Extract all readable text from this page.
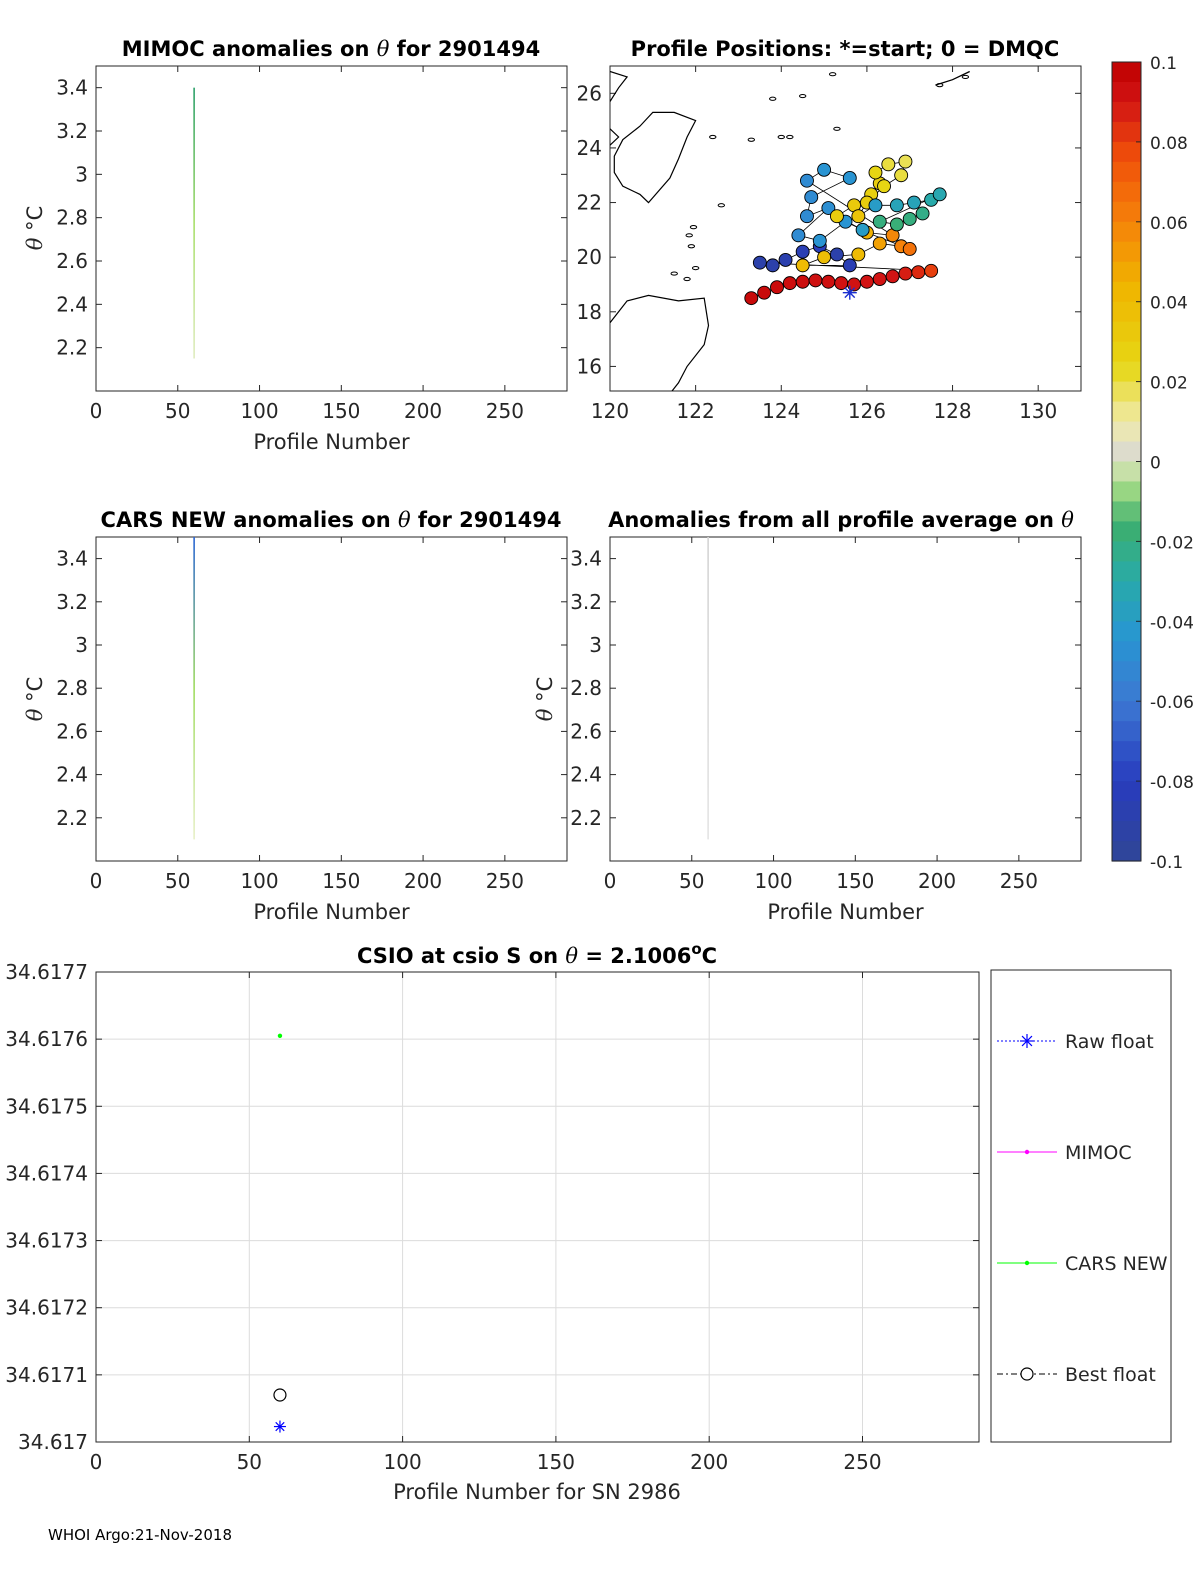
0	50 100 150 200 250
2.2
2.4
2.6
2.8
3
3.2
3.4
MIMOC anomalies on θ for 2901494
Profile Number
θ °C
0	50 100 150 200 250
2.2
2.4
2.6
2.8
3
3.2
3.4
CARS NEW anomalies on θ for 2901494
Profile Number
θ °C
0	50 100 150 200 250
2.2
2.4
2.6
2.8
3
3.2
3.4
Anomalies from all profile average on θ
Profile Number
θ °C
120 122 124 126 128 130
16
18
20
22
24
26
Profile Positions: *=start; 0 = DMQC
0.1
0.08
0.06
0.04
0.02
0
-0.02
-0.04
-0.06
-0.08
-0.1
0	50	100	150	200	250
34.617
34.6171
34.6172
34.6173
34.6174
34.6175
34.6176
34.6177
CSIO at csio S on $\theta = 2.1006^oC$
Profile Number for SN 2986
Raw float
MIMOC
CARS NEW
Best float
WHOI Argo:21-Nov-2018
